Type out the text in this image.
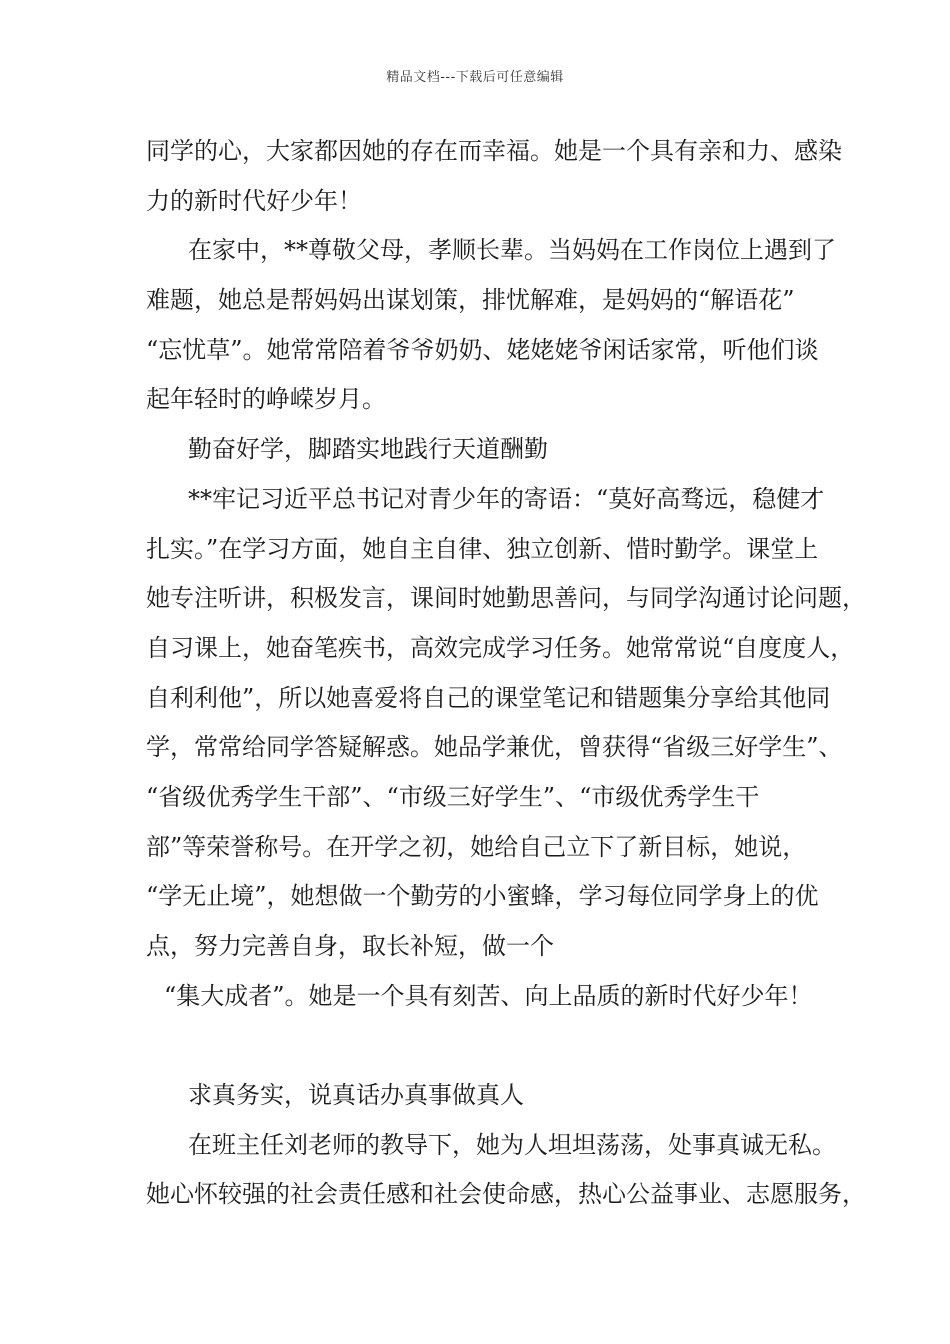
精品文档---下载后可任意编辑
同学的心，大家都因她的存在而幸福。她是一个具有亲和力、感染
力的新时代好少年！
在家中，**尊敬父母，孝顺长辈。当妈妈在工作岗位上遇到了
难题，她总是帮妈妈出谋划策，排忧解难，是妈妈的“解语花”
“忘忧草”。她常常陪着爷爷奶奶、姥姥姥爷闲话家常，听他们谈
起年轻时的峥嵘岁月。
勤奋好学，脚踏实地践行天道酬勤
**牢记习近平总书记对青少年的寄语：“莫好高骛远，稳健才
扎实。”在学习方面，她自主自律、独立创新、惜时勤学。课堂上
她专注听讲，积极发言，课间时她勤思善问，与同学沟通讨论问题，
自习课上，她奋笔疾书，高效完成学习任务。她常常说“自度度人，
自利利他”，所以她喜爱将自己的课堂笔记和错题集分享给其他同
学，常常给同学答疑解惑。她品学兼优，曾获得“省级三好学生”、
“省级优秀学生干部”、“市级三好学生”、“市级优秀学生干
部”等荣誉称号。在开学之初，她给自己立下了新目标，她说，
“学无止境”，她想做一个勤劳的小蜜蜂，学习每位同学身上的优
点，努力完善自身，取长补短，做一个
“集大成者”。她是一个具有刻苦、向上品质的新时代好少年！
求真务实，说真话办真事做真人
在班主任刘老师的教导下，她为人坦坦荡荡，处事真诚无私。
她心怀较强的社会责任感和社会使命感，热心公益事业、志愿服务，
